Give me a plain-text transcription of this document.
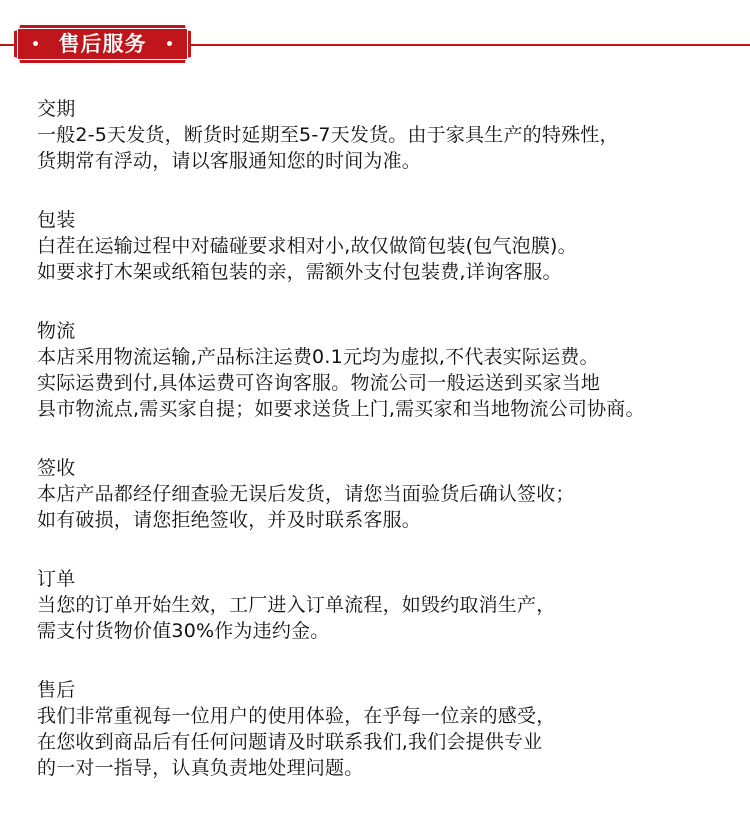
售后服务
交期
一般2-5天发货，断货时延期至5-7天发货。由于家具生产的特殊性，
货期常有浮动，请以客服通知您的时间为准。
包装
白茬在运输过程中对磕碰要求相对小,故仅做简包装(包气泡膜)。
如要求打木架或纸箱包装的亲，需额外支付包装费,详询客服。
物流
本店采用物流运输,产品标注运费0.1元均为虚拟,不代表实际运费。
实际运费到付,具体运费可咨询客服。物流公司一般运送到买家当地
县市物流点,需买家自提；如要求送货上门,需买家和当地物流公司协商。
签收
本店产品都经仔细查验无误后发货，请您当面验货后确认签收；
如有破损，请您拒绝签收，并及时联系客服。
订单
当您的订单开始生效，工厂进入订单流程，如毁约取消生产，
需支付货物价值30%作为违约金。
售后
我们非常重视每一位用户的使用体验，在乎每一位亲的感受，
在您收到商品后有任何问题请及时联系我们,我们会提供专业
的一对一指导，认真负责地处理问题。
